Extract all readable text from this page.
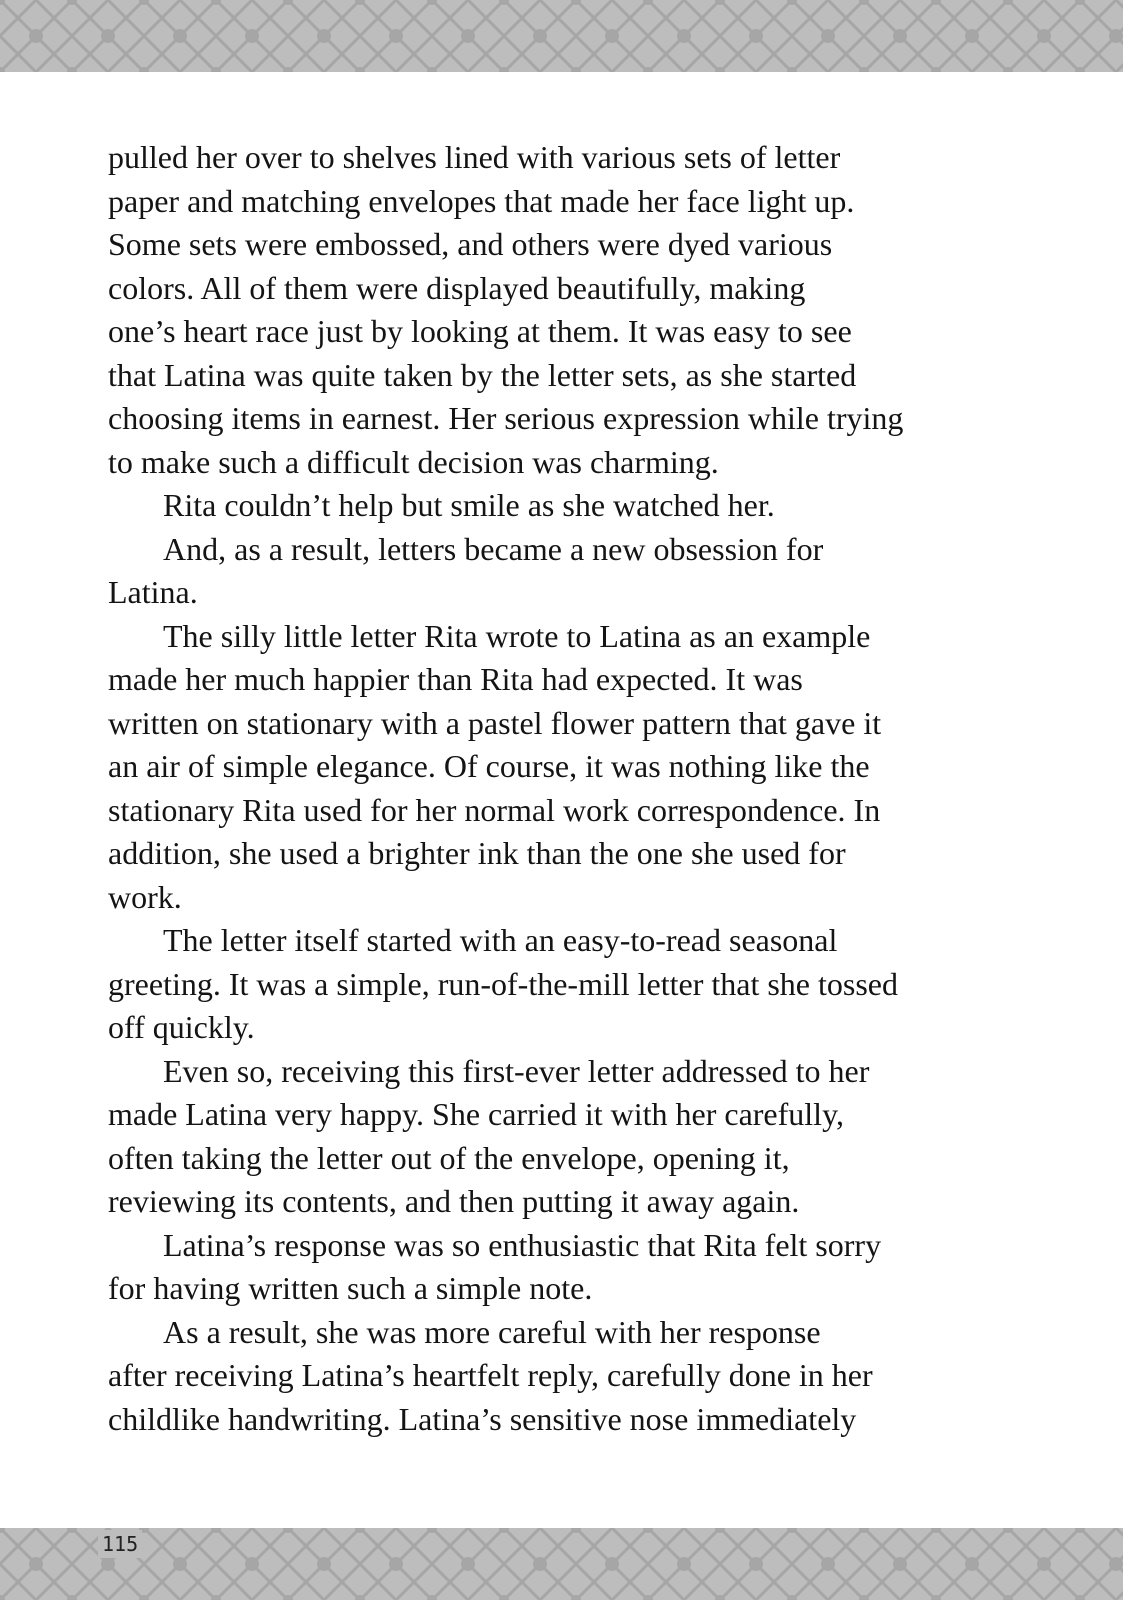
pulled her over to shelves lined with various sets of letter
paper and matching envelopes that made her face light up.
Some sets were embossed, and others were dyed various
colors. All of them were displayed beautifully, making
one’s heart race just by looking at them. It was easy to see
that Latina was quite taken by the letter sets, as she started
choosing items in earnest. Her serious expression while trying
to make such a difficult decision was charming.
Rita couldn’t help but smile as she watched her.
And, as a result, letters became a new obsession for
Latina.
The silly little letter Rita wrote to Latina as an example
made her much happier than Rita had expected. It was
written on stationary with a pastel flower pattern that gave it
an air of simple elegance. Of course, it was nothing like the
stationary Rita used for her normal work correspondence. In
addition, she used a brighter ink than the one she used for
work.
The letter itself started with an easy-to-read seasonal
greeting. It was a simple, run-of-the-mill letter that she tossed
off quickly.
Even so, receiving this first-ever letter addressed to her
made Latina very happy. She carried it with her carefully,
often taking the letter out of the envelope, opening it,
reviewing its contents, and then putting it away again.
Latina’s response was so enthusiastic that Rita felt sorry
for having written such a simple note.
As a result, she was more careful with her response
after receiving Latina’s heartfelt reply, carefully done in her
childlike handwriting. Latina’s sensitive nose immediately
115
